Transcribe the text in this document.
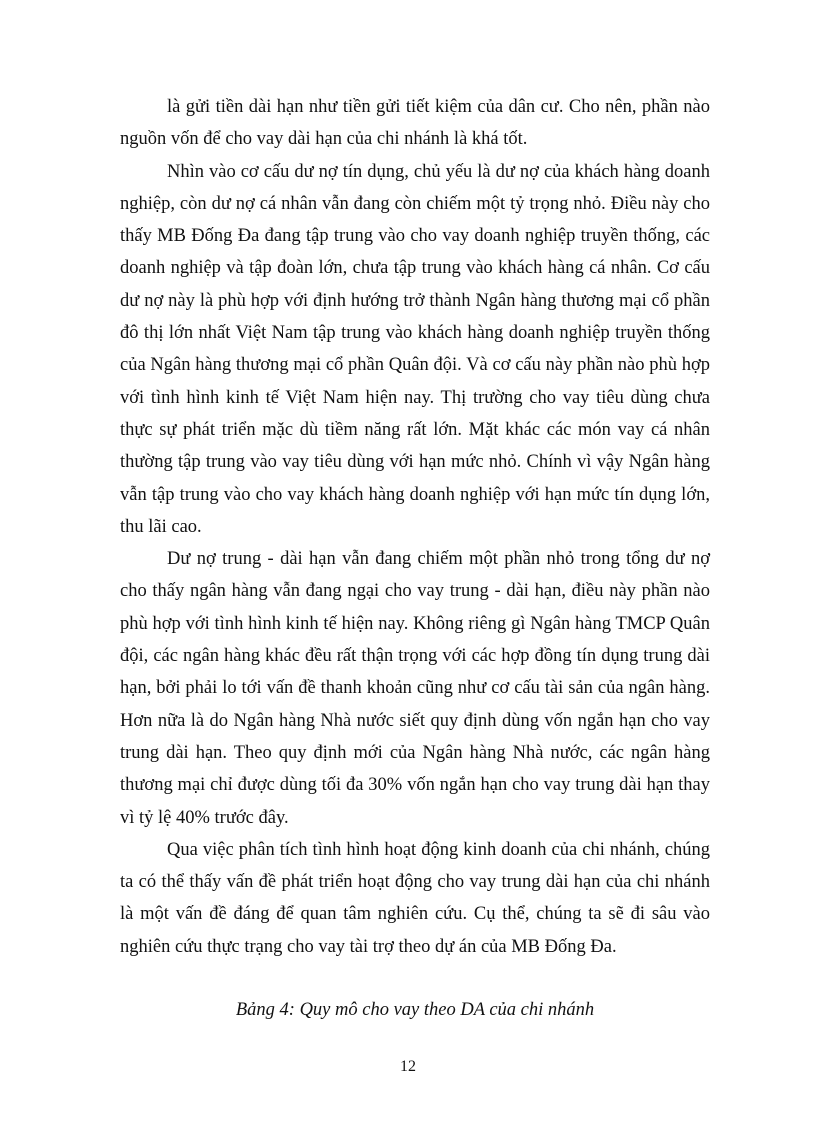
là gửi tiền dài hạn như tiền gửi tiết kiệm của dân cư. Cho nên, phần nào nguồn vốn để cho vay dài hạn của chi nhánh là khá tốt.

Nhìn vào cơ cấu dư nợ tín dụng, chủ yếu là dư nợ của khách hàng doanh nghiệp, còn dư nợ cá nhân vẫn đang còn chiếm một tỷ trọng nhỏ. Điều này cho thấy MB Đống Đa đang tập trung vào cho vay doanh nghiệp truyền thống, các doanh nghiệp và tập đoàn lớn, chưa tập trung vào khách hàng cá nhân. Cơ cấu dư nợ này là phù hợp với định hướng trở thành Ngân hàng thương mại cổ phần đô thị lớn nhất Việt Nam tập trung vào khách hàng doanh nghiệp truyền thống của Ngân hàng thương mại cổ phần Quân đội. Và cơ cấu này phần nào phù hợp với tình hình kinh tế Việt Nam hiện nay. Thị trường cho vay tiêu dùng chưa thực sự phát triển mặc dù tiềm năng rất lớn. Mặt khác các món vay cá nhân thường tập trung vào vay tiêu dùng với hạn mức nhỏ. Chính vì vậy Ngân hàng vẫn tập trung vào cho vay khách hàng doanh nghiệp với hạn mức tín dụng lớn, thu lãi cao.

Dư nợ trung - dài hạn vẫn đang chiếm một phần nhỏ trong tổng dư nợ cho thấy ngân hàng vẫn đang ngại cho vay trung - dài hạn, điều này phần nào phù hợp với tình hình kinh tế hiện nay. Không riêng gì Ngân hàng TMCP Quân đội, các ngân hàng khác đều rất thận trọng với các hợp đồng tín dụng trung dài hạn, bởi phải lo tới vấn đề thanh khoản cũng như cơ cấu tài sản của ngân hàng. Hơn nữa là do Ngân hàng Nhà nước siết quy định dùng vốn ngắn hạn cho vay trung dài hạn. Theo quy định mới của Ngân hàng Nhà nước, các ngân hàng thương mại chỉ được dùng tối đa 30% vốn ngắn hạn cho vay trung dài hạn thay vì tỷ lệ 40% trước đây.

Qua việc phân tích tình hình hoạt động kinh doanh của chi nhánh, chúng ta có thể thấy vấn đề phát triển hoạt động cho vay trung dài hạn của chi nhánh là một vấn đề đáng để quan tâm nghiên cứu. Cụ thể, chúng ta sẽ đi sâu vào nghiên cứu thực trạng cho vay tài trợ theo dự án của MB Đống Đa.

Bảng 4: Quy mô cho vay theo DA của chi nhánh
12
